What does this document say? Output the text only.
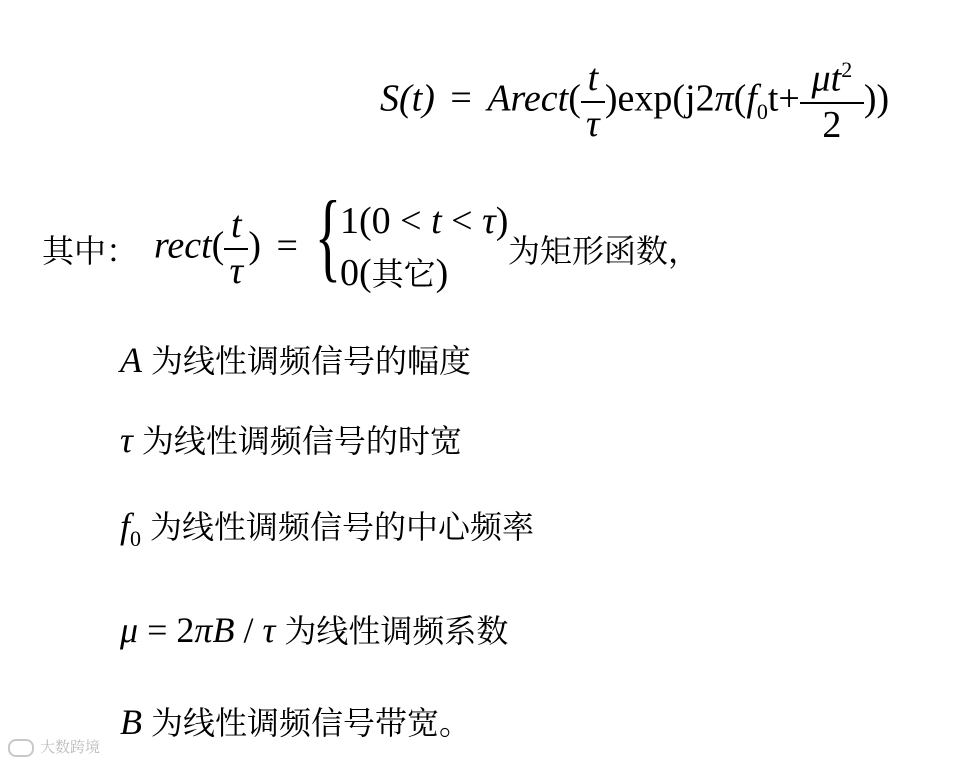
S(t) = Arect( $\frac{t}{\tau} )\exp(j2\pi(f_0t+ \frac{\mu t^2}{2}$ ))
其中： rect( $\frac{t}{\tau}$ ) = {
1(0 < t < τ)
0(其它)
为矩形函数，
A 为线性调频信号的幅度
τ 为线性调频信号的时宽
$f_0$ 为线性调频信号的中心频率
μ = 2πB / τ 为线性调频系数
B 为线性调频信号带宽。
大数跨境
